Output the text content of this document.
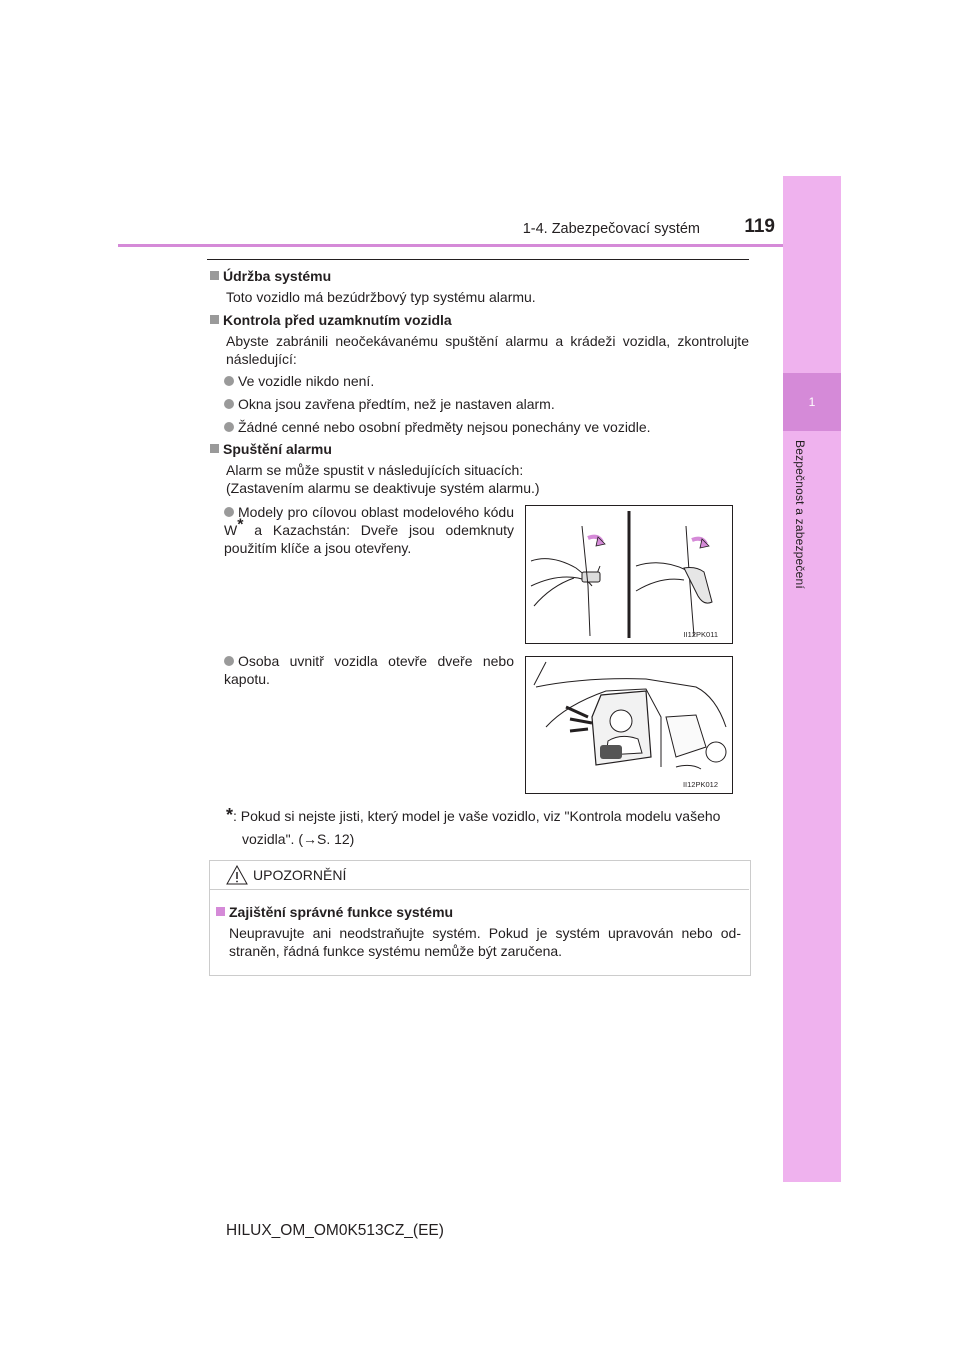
1-4. Zabezpečovací systém	119
1
Bezpečnost a zabezpečení
Údržba systému
Toto vozidlo má bezúdržbový typ systému alarmu.
Kontrola před uzamknutím vozidla
Abyste zabránili neočekávanému spuštění alarmu a krádeži vozidla, zkontrolujte následující:
Ve vozidle nikdo není.
Okna jsou zavřena předtím, než je nastaven alarm.
Žádné cenné nebo osobní předměty nejsou ponechány ve vozidle.
Spuštění alarmu
Alarm se může spustit v následujících situacích:
(Zastavením alarmu se deaktivuje systém alarmu.)
Modely pro cílovou oblast modelového kódu W* a Kazachstán: Dveře jsou odemknuty použitím klíče a jsou otevřeny.
II12PK011
Osoba uvnitř vozidla otevře dveře nebo kapotu.
II12PK012
*: Pokud si nejste jisti, který model je vaše vozidlo, viz "Kontrola modelu vašeho
vozidla". (→S. 12)
UPOZORNĚNÍ
Zajištění správné funkce systému
Neupravujte ani neodstraňujte systém. Pokud je systém upravován nebo odstraněn, řádná funkce systému nemůže být zaručena.
HILUX_OM_OM0K513CZ_(EE)
